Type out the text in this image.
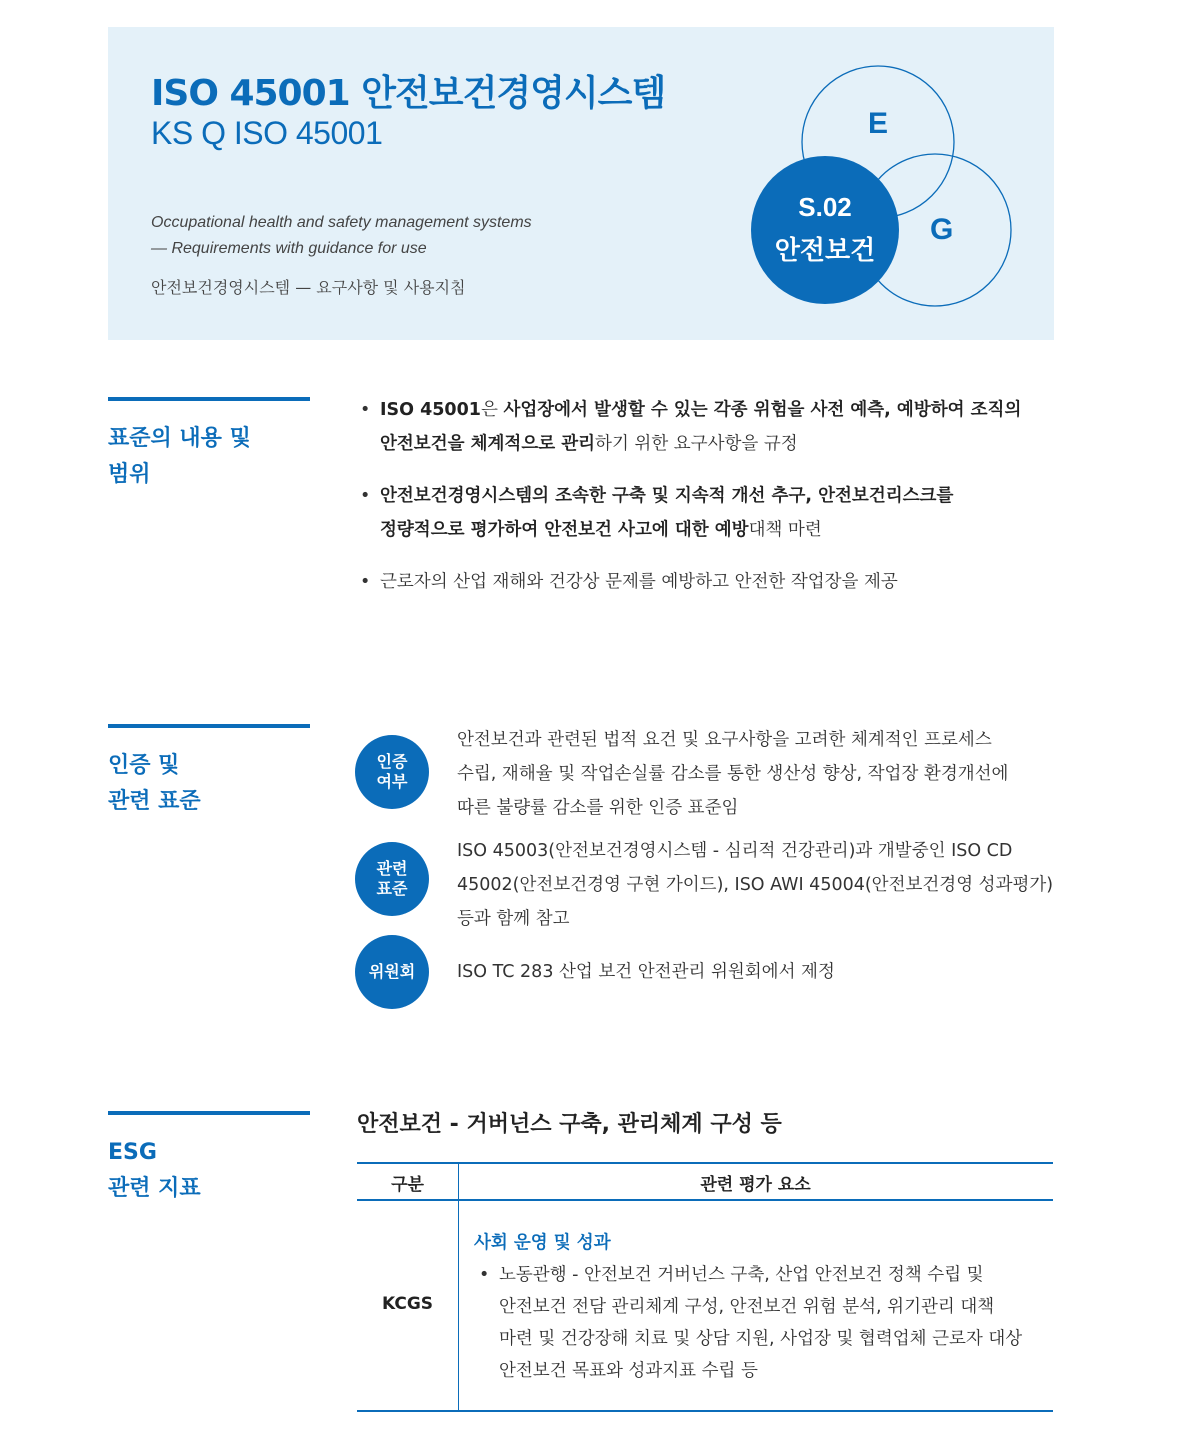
ISO 45001 안전보건경영시스템
KS Q ISO 45001
Occupational health and safety management systems
— Requirements with guidance for use
안전보건경영시스템 — 요구사항 및 사용지침
E
G
S.02
안전보건
표준의 내용 및
범위
• ISO 45001은 사업장에서 발생할 수 있는 각종 위험을 사전 예측, 예방하여 조직의
안전보건을 체계적으로 관리하기 위한 요구사항을 규정
• 안전보건경영시스템의 조속한 구축 및 지속적 개선 추구, 안전보건리스크를
정량적으로 평가하여 안전보건 사고에 대한 예방대책 마련
• 근로자의 산업 재해와 건강상 문제를 예방하고 안전한 작업장을 제공
인증 및
관련 표준
인증
여부
안전보건과 관련된 법적 요건 및 요구사항을 고려한 체계적인 프로세스
수립, 재해율 및 작업손실률 감소를 통한 생산성 향상, 작업장 환경개선에
따른 불량률 감소를 위한 인증 표준임
관련
표준
ISO 45003(안전보건경영시스템 - 심리적 건강관리)과 개발중인 ISO CD
45002(안전보건경영 구현 가이드), ISO AWI 45004(안전보건경영 성과평가)
등과 함께 참고
위원회 ISO TC 283 산업 보건 안전관리 위원회에서 제정
ESG
관련 지표
안전보건 - 거버넌스 구축, 관리체계 구성 등
구분	관련 평가 요소
KCGS
사회 운영 및 성과
• 노동관행 - 안전보건 거버넌스 구축, 산업 안전보건 정책 수립 및
안전보건 전담 관리체계 구성, 안전보건 위험 분석, 위기관리 대책
마련 및 건강장해 치료 및 상담 지원, 사업장 및 협력업체 근로자 대상
안전보건 목표와 성과지표 수립 등
